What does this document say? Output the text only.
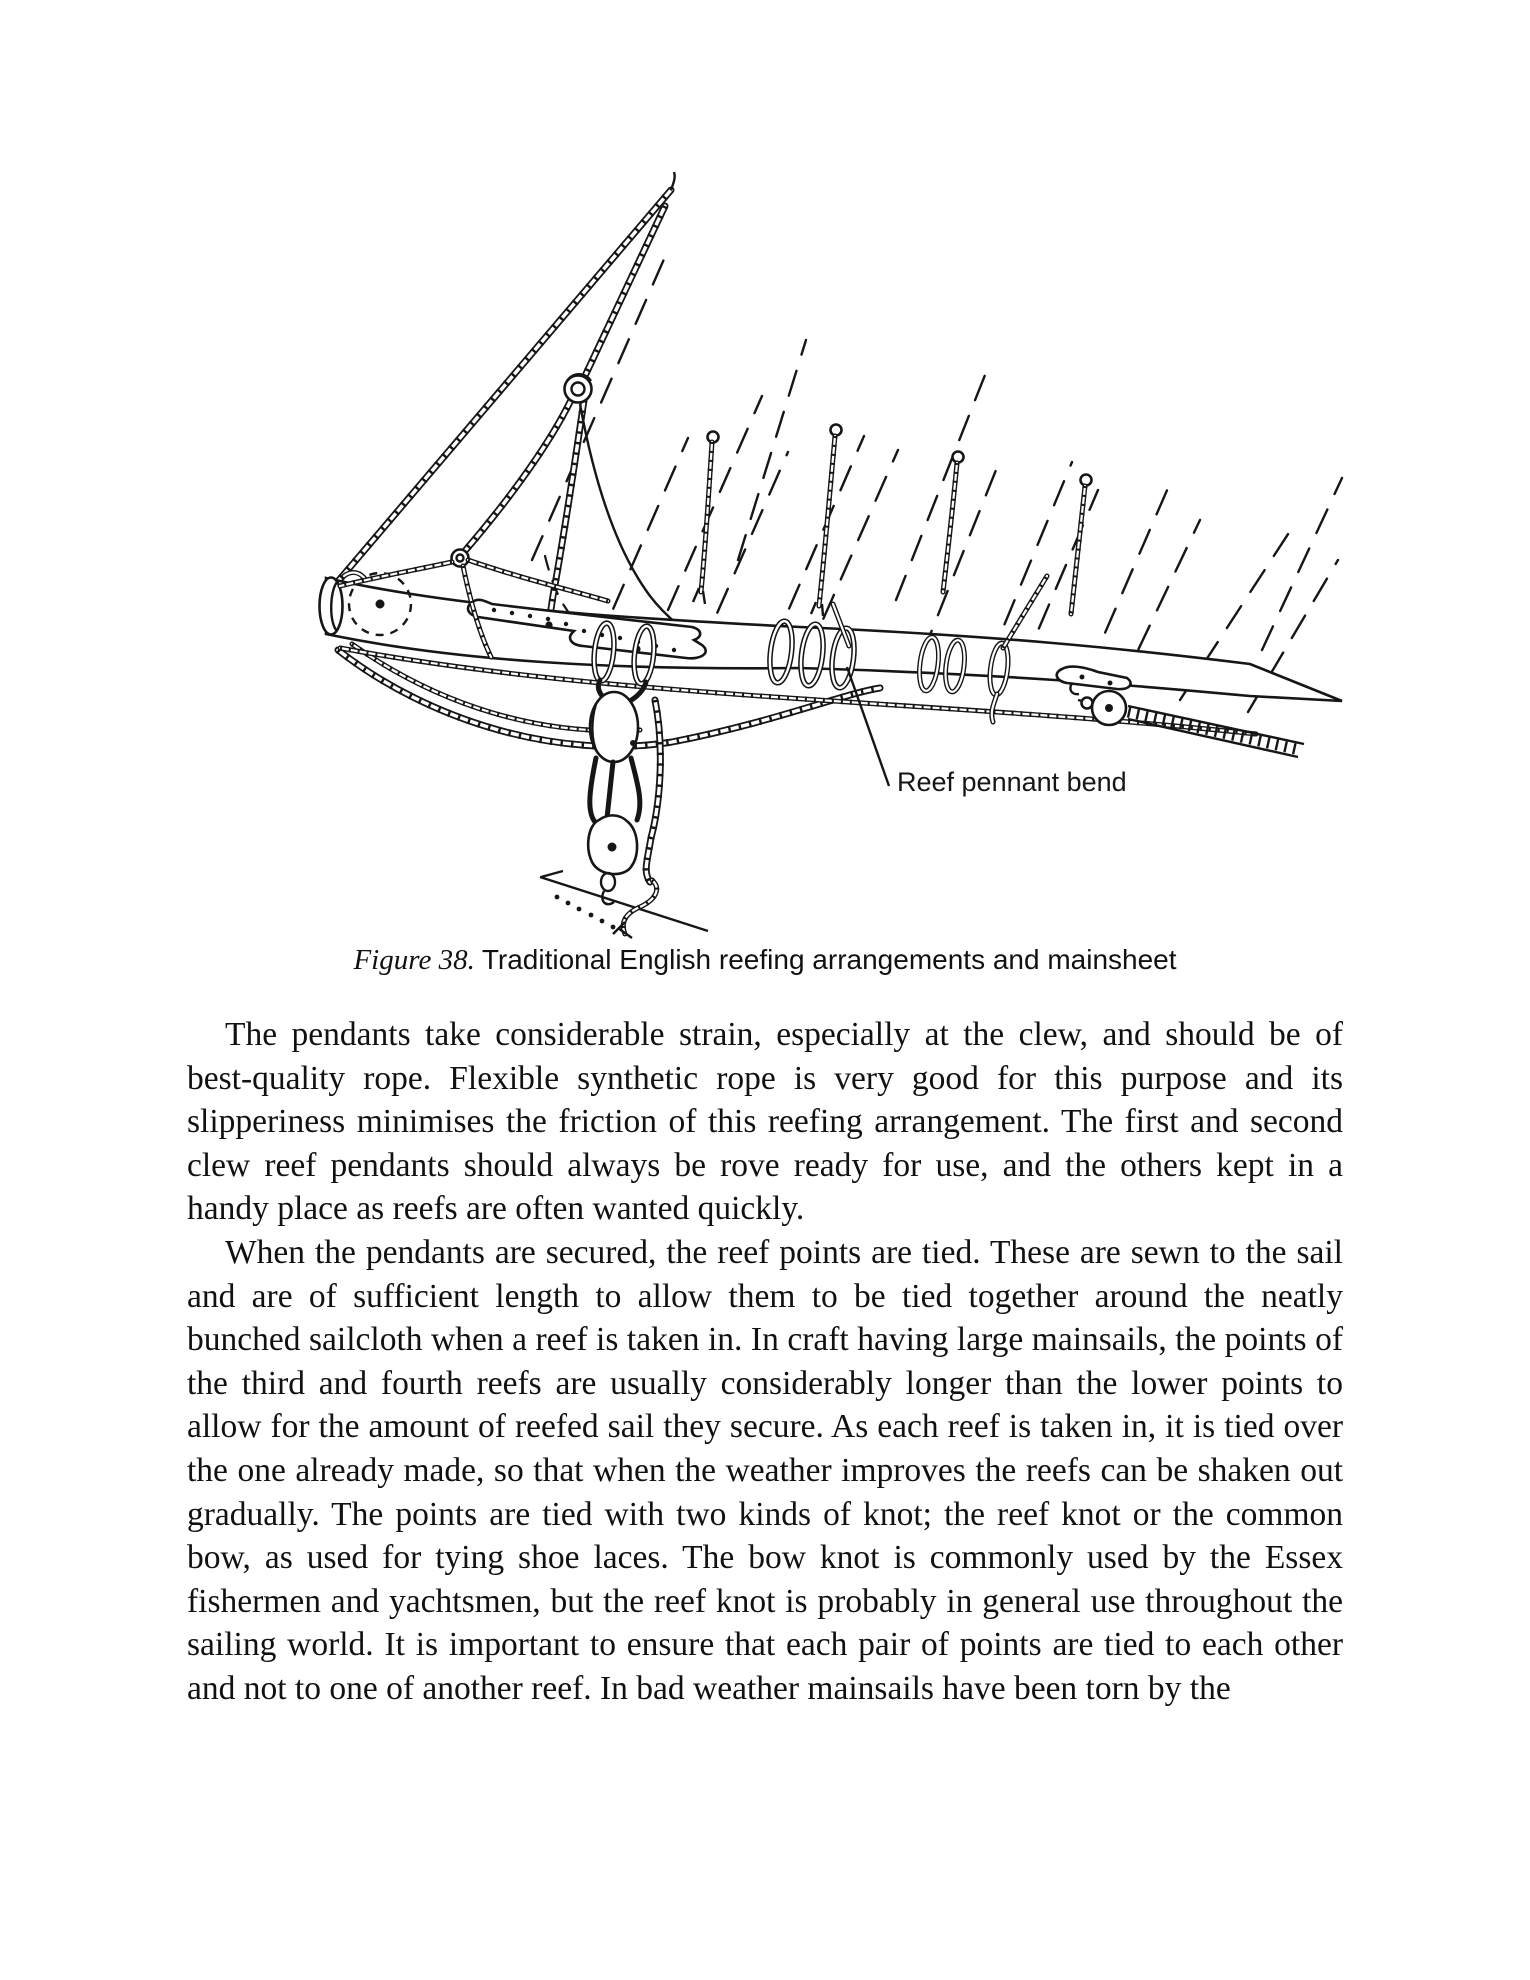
Reef pennant bend
Figure 38. Traditional English reefing arrangements and mainsheet

The pendants take considerable strain, especially at the clew, and should be of best-quality rope. Flexible synthetic rope is very good for this purpose and its slipperiness minimises the friction of this reefing arrangement. The first and second clew reef pendants should always be rove ready for use, and the others kept in a handy place as reefs are often wanted quickly.

When the pendants are secured, the reef points are tied. These are sewn to the sail and are of sufficient length to allow them to be tied together around the neatly bunched sailcloth when a reef is taken in. In craft having large mainsails, the points of the third and fourth reefs are usually considerably longer than the lower points to allow for the amount of reefed sail they secure. As each reef is taken in, it is tied over the one already made, so that when the weather improves the reefs can be shaken out gradually. The points are tied with two kinds of knot; the reef knot or the common bow, as used for tying shoe laces. The bow knot is commonly used by the Essex fishermen and yachtsmen, but the reef knot is probably in general use throughout the sailing world. It is important to ensure that each pair of points are tied to each other and not to one of another reef. In bad weather mainsails have been torn by the
